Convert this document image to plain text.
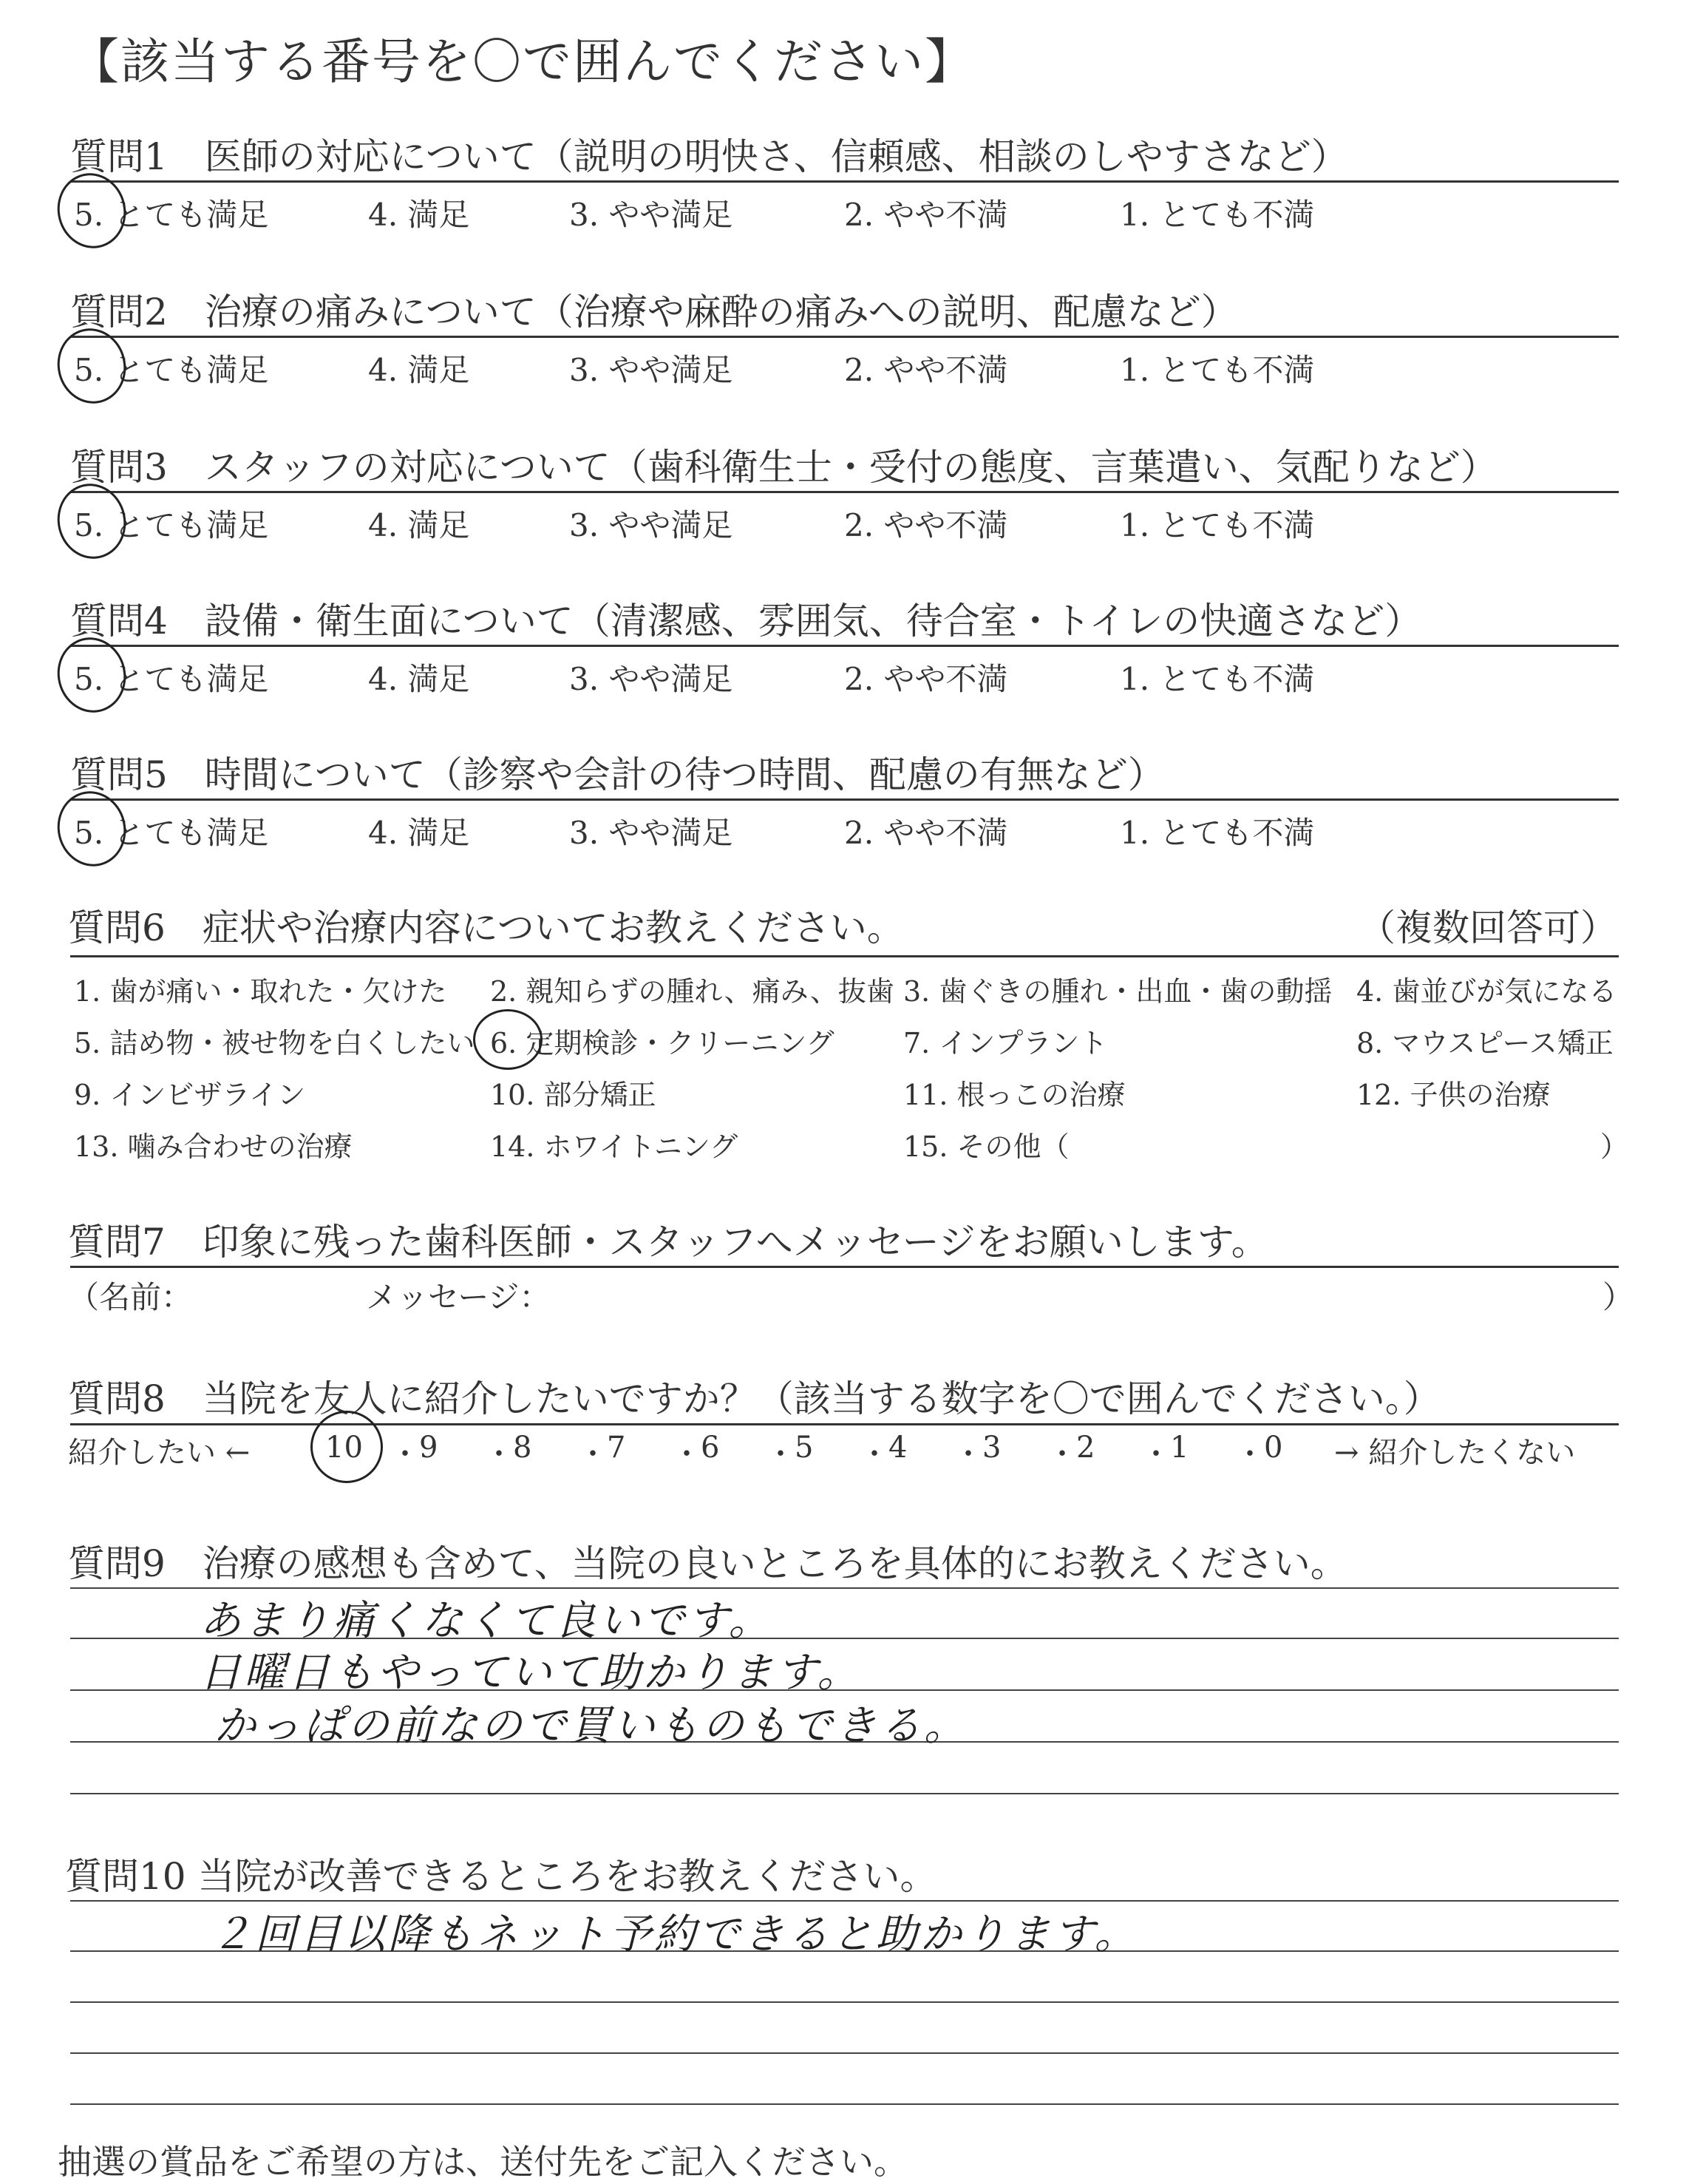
【該当する番号を〇で囲んでください】
質問1　医師の対応について（説明の明快さ、信頼感、相談のしやすさなど）
5. とても満足	4. 満足	3. やや満足	2. やや不満	1. とても不満
質問2　治療の痛みについて（治療や麻酔の痛みへの説明、配慮など）
5. とても満足	4. 満足	3. やや満足	2. やや不満	1. とても不満
質問3　スタッフの対応について（歯科衛生士・受付の態度、言葉遣い、気配りなど）
5. とても満足	4. 満足	3. やや満足	2. やや不満	1. とても不満
質問4　設備・衛生面について（清潔感、雰囲気、待合室・トイレの快適さなど）
5. とても満足	4. 満足	3. やや満足	2. やや不満	1. とても不満
質問5　時間について（診察や会計の待つ時間、配慮の有無など）
5. とても満足	4. 満足	3. やや満足	2. やや不満	1. とても不満
質問6　症状や治療内容についてお教えください。	（複数回答可）
1. 歯が痛い・取れた・欠けた 2. 親知らずの腫れ、痛み、抜歯 3. 歯ぐきの腫れ・出血・歯の動揺 4. 歯並びが気になる
5. 詰め物・被せ物を白くしたい 6. 定期検診・クリーニング 7. インプラント	8. マウスピース矯正
9. インビザライン	10. 部分矯正	11. 根っこの治療	12. 子供の治療
13. 噛み合わせの治療	14. ホワイトニング	15. その他（	）
質問7　印象に残った歯科医師・スタッフへメッセージをお願いします。
（名前：	メッセージ：	）
質問8　当院を友人に紹介したいですか？（該当する数字を〇で囲んでください。）
紹介したい ←	→ 紹介したくない
10 ・ 9 ・ 8 ・ 7 ・ 6 ・ 5 ・ 4 ・ 3 ・ 2 ・ 1 ・ 0
質問9　治療の感想も含めて、当院の良いところを具体的にお教えください。
あまり痛くなくて良いです。
日曜日もやっていて助かります。
かっぱの前なので買いものもできる。
質問10 当院が改善できるところをお教えください。
２回目以降もネット予約できると助かります。
抽選の賞品をご希望の方は、送付先をご記入ください。
